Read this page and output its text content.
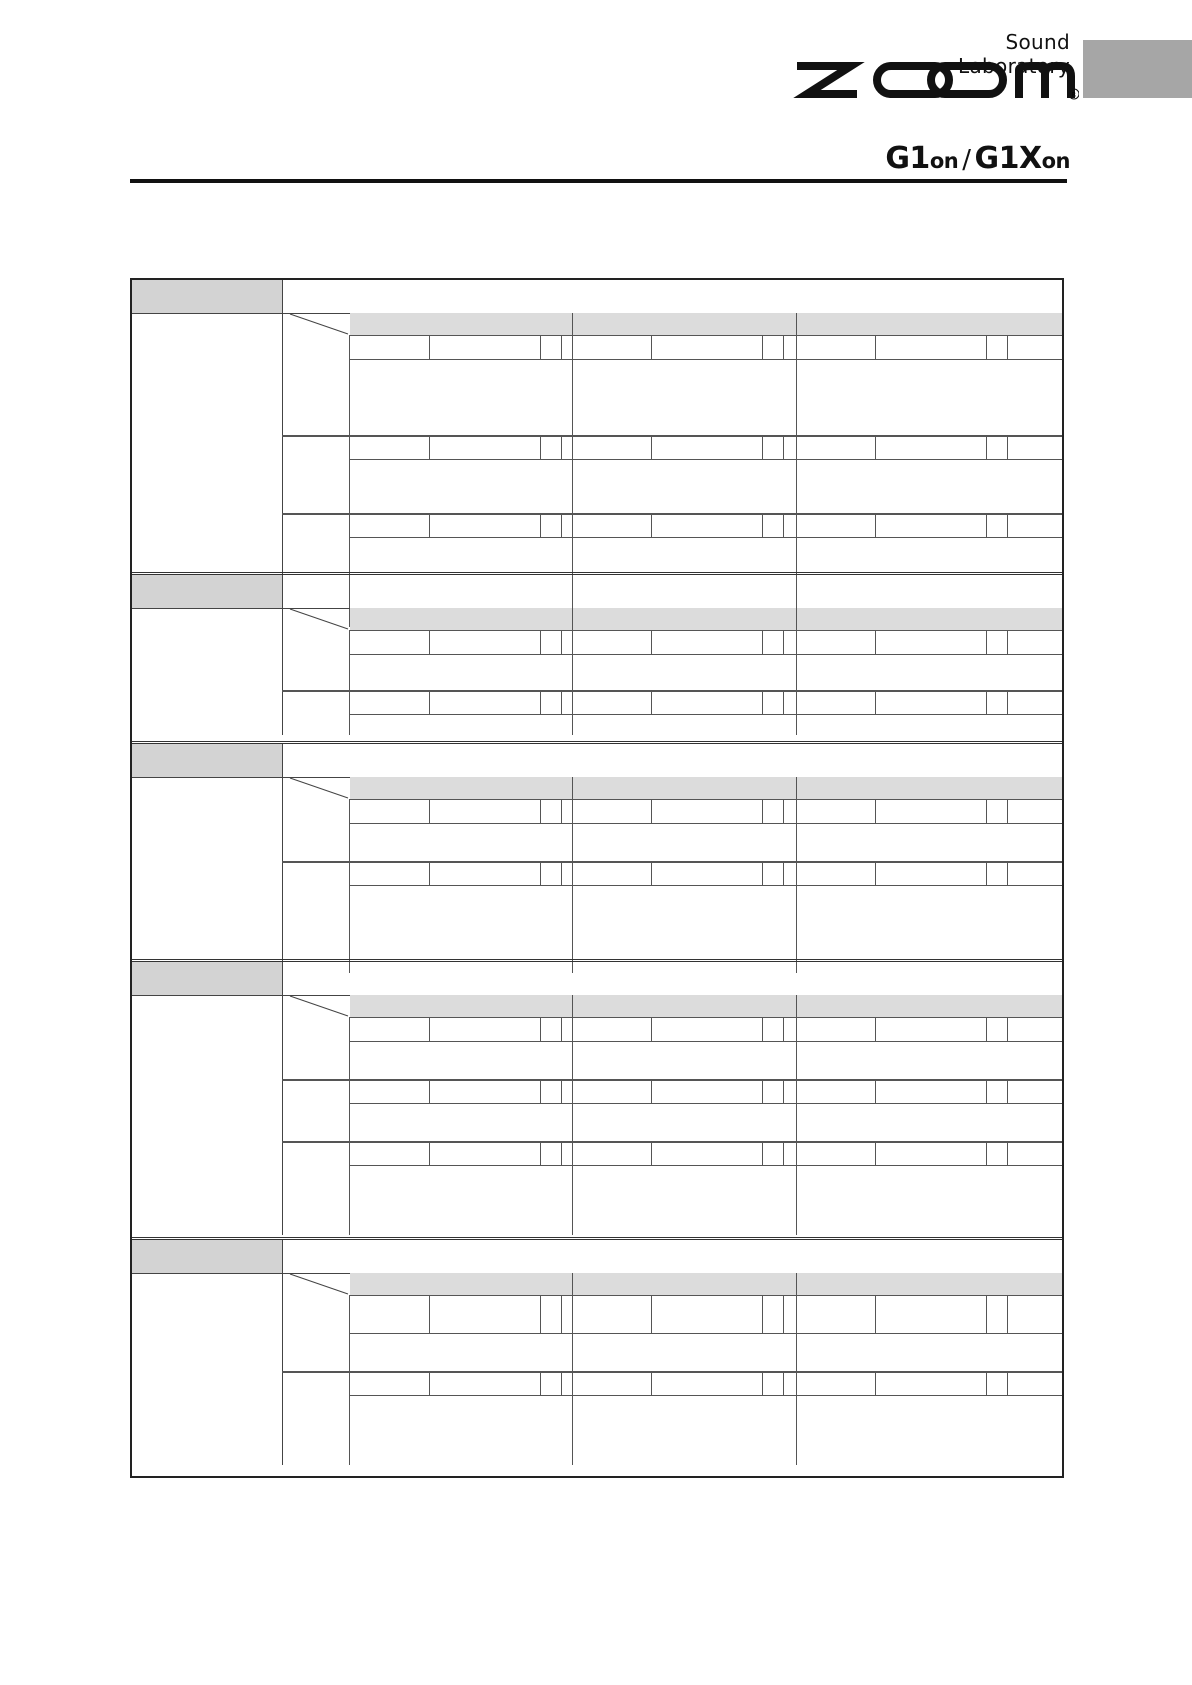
Sound Laboratory
R
G1on / G1Xon
